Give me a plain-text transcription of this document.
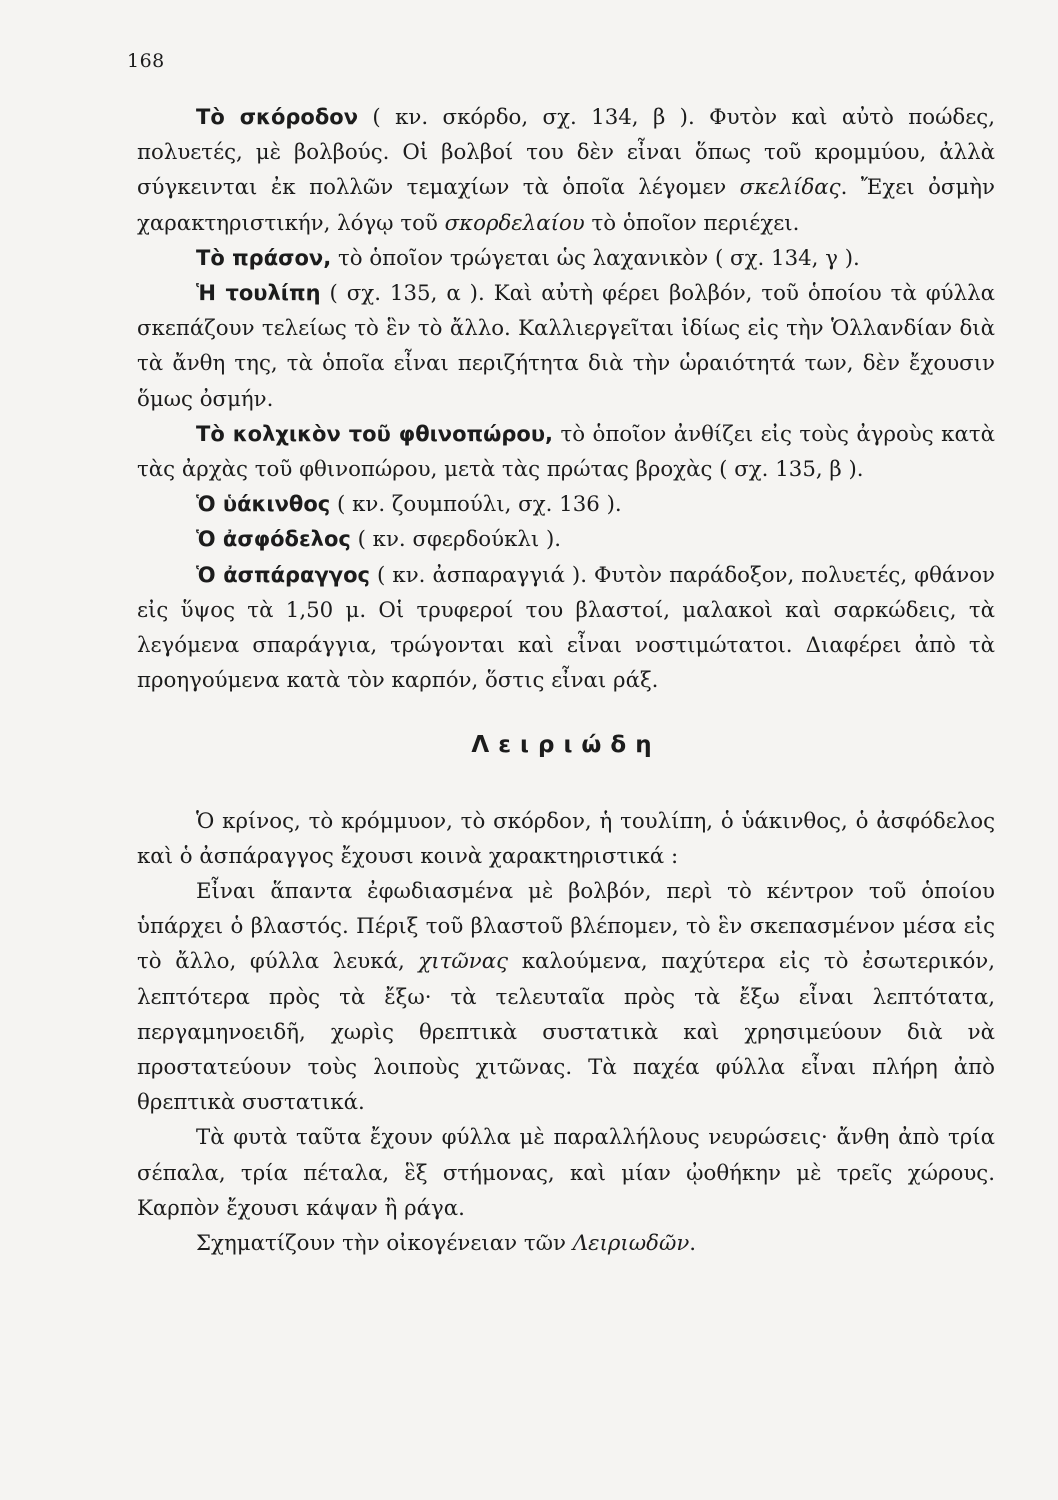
168

Τὸ σκόροδον ( κν. σκόρδο, σχ. 134, β ). Φυτὸν καὶ αὐτὸ ποώδες, πολυετές, μὲ βολβούς. Οἱ βολβοί του δὲν εἶναι ὅπως τοῦ κρομμύου, ἀλλὰ σύγκεινται ἐκ πολλῶν τεμαχίων τὰ ὁποῖα λέγομεν σκελίδας. Ἔχει ὀσμὴν χαρακτηριστικήν, λόγῳ τοῦ σκορδελαίου τὸ ὁποῖον περιέχει.

Τὸ πράσον, τὸ ὁποῖον τρώγεται ὡς λαχανικὸν ( σχ. 134, γ ).

Ἡ τουλίπη ( σχ. 135, α ). Καὶ αὐτὴ φέρει βολβόν, τοῦ ὁποίου τὰ φύλλα σκεπάζουν τελείως τὸ ἓν τὸ ἄλλο. Καλλιεργεῖται ἰδίως εἰς τὴν Ὁλλανδίαν διὰ τὰ ἄνθη της, τὰ ὁποῖα εἶναι περιζήτητα διὰ τὴν ὡραιότητά των, δὲν ἔχουσιν ὅμως ὀσμήν.

Τὸ κολχικὸν τοῦ φθινοπώρου, τὸ ὁποῖον ἀνθίζει εἰς τοὺς ἀγροὺς κατὰ τὰς ἀρχὰς τοῦ φθινοπώρου, μετὰ τὰς πρώτας βροχὰς ( σχ. 135, β ).

Ὁ ὑάκινθος ( κν. ζουμπούλι, σχ. 136 ).

Ὁ ἀσφόδελος ( κν. σφερδούκλι ).

Ὁ ἀσπάραγγος ( κν. ἀσπαραγγιά ). Φυτὸν παράδοξον, πολυετές, φθάνον εἰς ὕψος τὰ 1,50 μ. Οἱ τρυφεροί του βλαστοί, μαλακοὶ καὶ σαρκώδεις, τὰ λεγόμενα σπαράγγια, τρώγονται καὶ εἶναι νοστιμώτατοι. Διαφέρει ἀπὸ τὰ προηγούμενα κατὰ τὸν καρπόν, ὅστις εἶναι ράξ.

Λειριώδη

Ὁ κρίνος, τὸ κρόμμυον, τὸ σκόρδον, ἡ τουλίπη, ὁ ὑάκινθος, ὁ ἀσφόδελος καὶ ὁ ἀσπάραγγος ἔχουσι κοινὰ χαρακτηριστικά :

Εἶναι ἅπαντα ἐφωδιασμένα μὲ βολβόν, περὶ τὸ κέντρον τοῦ ὁποίου ὑπάρχει ὁ βλαστός. Πέριξ τοῦ βλαστοῦ βλέπομεν, τὸ ἓν σκεπασμένον μέσα εἰς τὸ ἄλλο, φύλλα λευκά, χιτῶνας καλούμενα, παχύτερα εἰς τὸ ἐσωτερικόν, λεπτότερα πρὸς τὰ ἔξω· τὰ τελευταῖα πρὸς τὰ ἔξω εἶναι λεπτότατα, περγαμηνοειδῆ, χωρὶς θρεπτικὰ συστατικὰ καὶ χρησιμεύουν διὰ νὰ προστατεύουν τοὺς λοιποὺς χιτῶνας. Τὰ παχέα φύλλα εἶναι πλήρη ἀπὸ θρεπτικὰ συστατικά.

Τὰ φυτὰ ταῦτα ἔχουν φύλλα μὲ παραλλήλους νευρώσεις· ἄνθη ἀπὸ τρία σέπαλα, τρία πέταλα, ἓξ στήμονας, καὶ μίαν ᾠοθήκην μὲ τρεῖς χώρους. Καρπὸν ἔχουσι κάψαν ἢ ράγα.

Σχηματίζουν τὴν οἰκογένειαν τῶν Λειριωδῶν.
